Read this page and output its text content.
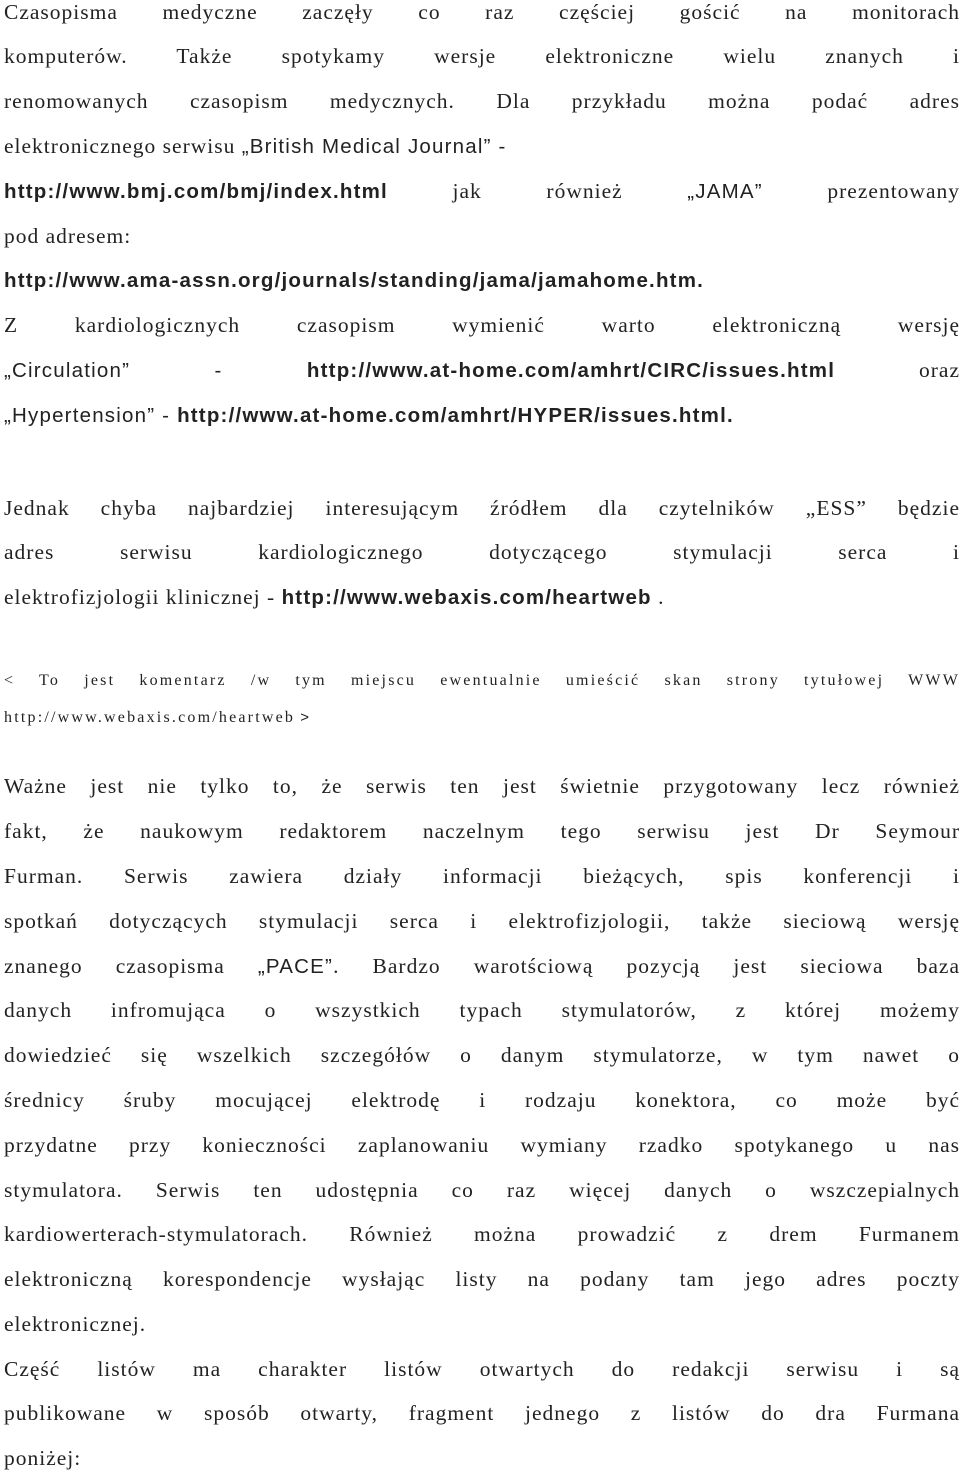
Czasopisma medyczne zaczęły co raz częściej gościć na monitorach
komputerów. Także spotykamy wersje elektroniczne wielu znanych i
renomowanych czasopism medycznych. Dla przykładu można podać adres
elektronicznego serwisu „British Medical Journal” -
http://www.bmj.com/bmj/index.html jak również „JAMA” prezentowany
pod adresem:
http://www.ama-assn.org/journals/standing/jama/jamahome.htm.
Z kardiologicznych czasopism wymienić warto elektroniczną wersję
„Circulation” - http://www.at-home.com/amhrt/CIRC/issues.html oraz
„Hypertension” - http://www.at-home.com/amhrt/HYPER/issues.html.
Jednak chyba najbardziej interesującym źródłem dla czytelników „ESS” będzie
adres serwisu kardiologicznego dotyczącego stymulacji serca i
elektrofizjologii klinicznej - http://www.webaxis.com/heartweb .
< To jest komentarz /w tym miejscu ewentualnie umieścić skan strony tytułowej WWW
http://www.webaxis.com/heartweb >
Ważne jest nie tylko to, że serwis ten jest świetnie przygotowany lecz również
fakt, że naukowym redaktorem naczelnym tego serwisu jest Dr Seymour
Furman. Serwis zawiera działy informacji bieżących, spis konferencji i
spotkań dotyczących stymulacji serca i elektrofizjologii, także sieciową wersję
znanego czasopisma „PACE”. Bardzo warotściową pozycją jest sieciowa baza
danych infromująca o wszystkich typach stymulatorów, z której możemy
dowiedzieć się wszelkich szczegółów o danym stymulatorze, w tym nawet o
średnicy śruby mocującej elektrodę i rodzaju konektora, co może być
przydatne przy konieczności zaplanowaniu wymiany rzadko spotykanego u nas
stymulatora. Serwis ten udostępnia co raz więcej danych o wszczepialnych
kardiowerterach-stymulatorach. Również można prowadzić z drem Furmanem
elektroniczną korespondencje wysłając listy na podany tam jego adres poczty
elektronicznej.
Część listów ma charakter listów otwartych do redakcji serwisu i są
publikowane w sposób otwarty, fragment jednego z listów do dra Furmana
poniżej:
